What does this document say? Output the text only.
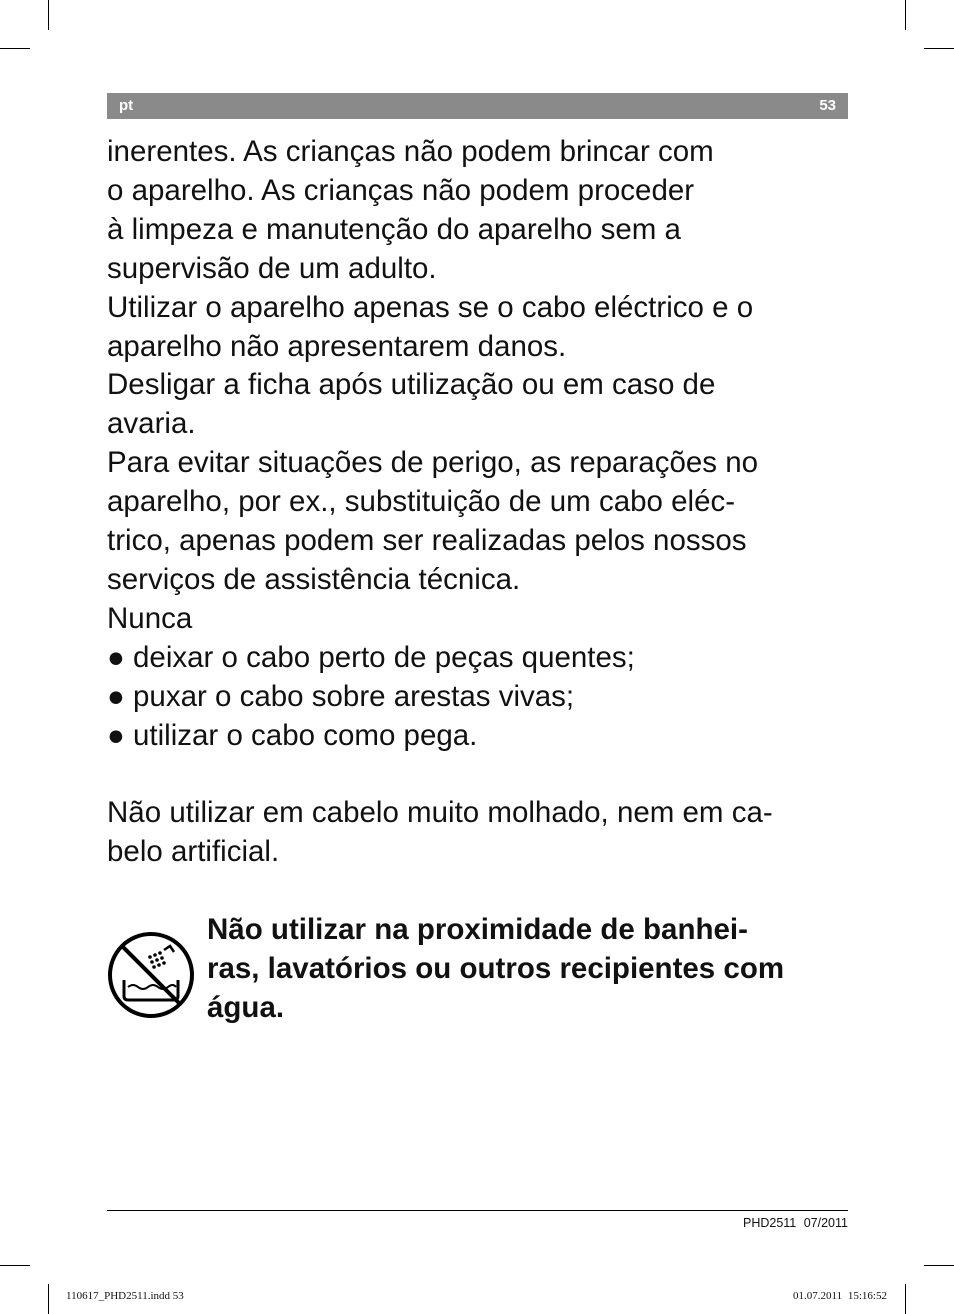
pt	53
inerentes. As crianças não podem brincar com
o aparelho. As crianças não podem proceder
à limpeza e manutenção do aparelho sem a
supervisão de um adulto.
Utilizar o aparelho apenas se o cabo eléctrico e o
aparelho não apresentarem danos.
Desligar a ficha após utilização ou em caso de
avaria.
Para evitar situações de perigo, as reparações no
aparelho, por ex., substituição de um cabo eléc-
trico, apenas podem ser realizadas pelos nossos
serviços de assistência técnica.
Nunca
● deixar o cabo perto de peças quentes;
● puxar o cabo sobre arestas vivas;
● utilizar o cabo como pega.

Não utilizar em cabelo muito molhado, nem em ca-
belo artificial.
Não utilizar na proximidade de banhei-
ras, lavatórios ou outros recipientes com
água.
PHD2511 07/2011
110617_PHD2511.indd 53	01.07.2011 15:16:52
